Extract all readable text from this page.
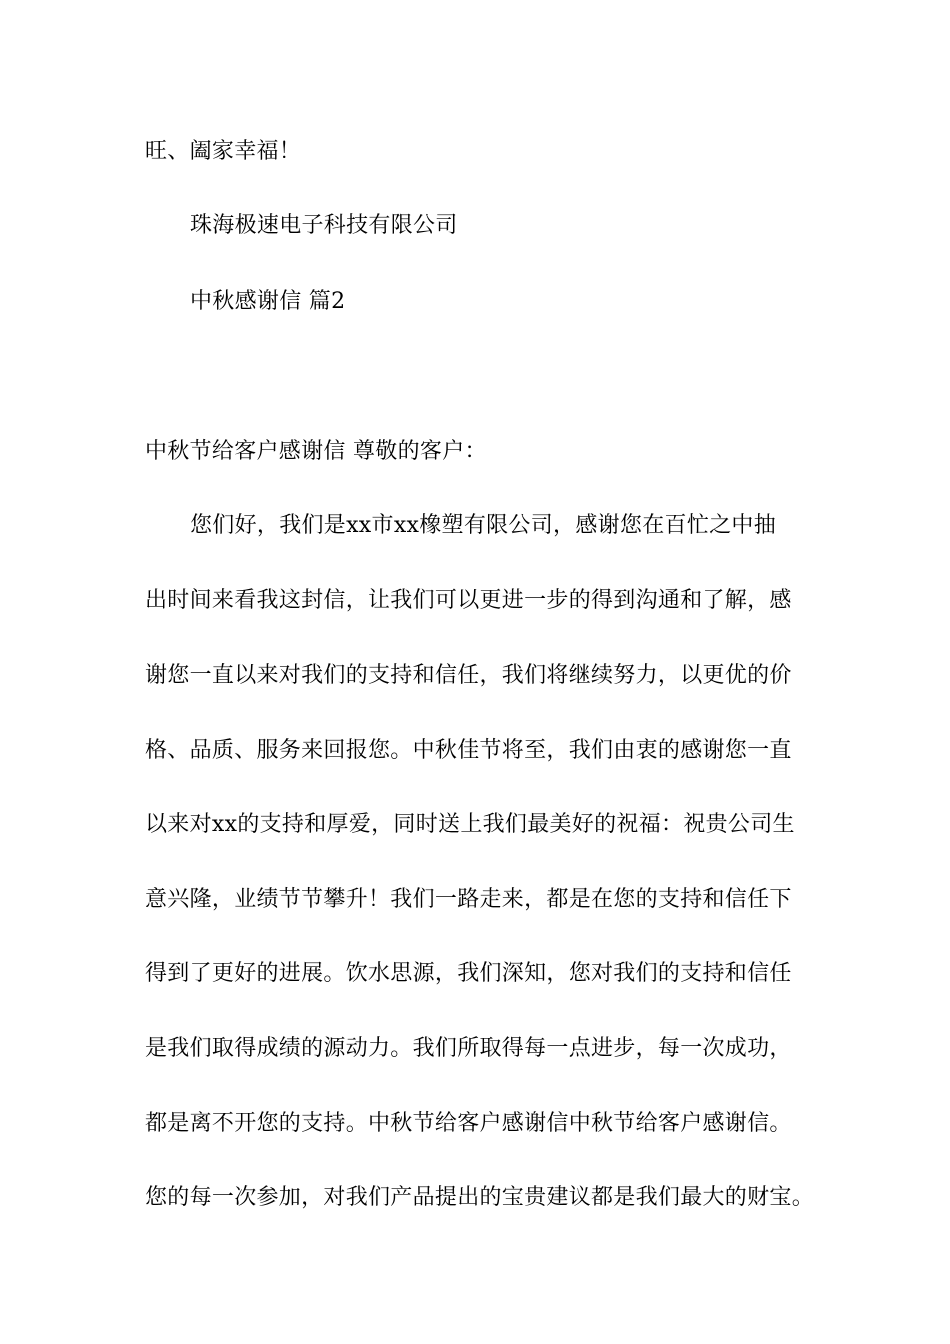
旺、阖家幸福！
珠海极速电子科技有限公司
中秋感谢信 篇2
中秋节给客户感谢信 尊敬的客户：
您们好，我们是xx市xx橡塑有限公司，感谢您在百忙之中抽
出时间来看我这封信，让我们可以更进一步的得到沟通和了解，感
谢您一直以来对我们的支持和信任，我们将继续努力，以更优的价
格、品质、服务来回报您。中秋佳节将至，我们由衷的感谢您一直
以来对xx的支持和厚爱，同时送上我们最美好的祝福：祝贵公司生
意兴隆，业绩节节攀升！我们一路走来，都是在您的支持和信任下
得到了更好的进展。饮水思源，我们深知，您对我们的支持和信任
是我们取得成绩的源动力。我们所取得每一点进步，每一次成功，
都是离不开您的支持。中秋节给客户感谢信中秋节给客户感谢信。
您的每一次参加，对我们产品提出的宝贵建议都是我们最大的财宝。
